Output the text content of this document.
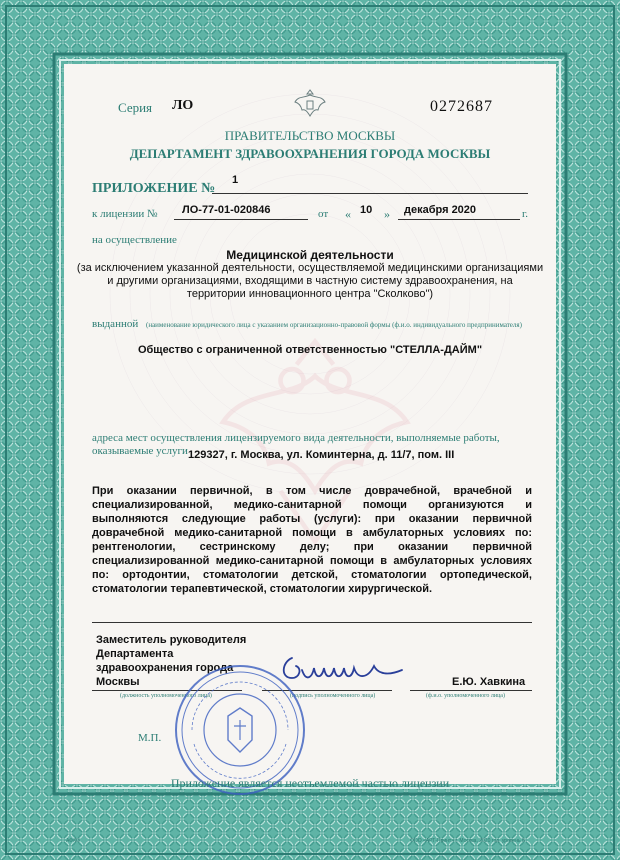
Серия ЛО	0272687
ПРАВИТЕЛЬСТВО МОСКВЫ
ДЕПАРТАМЕНТ ЗДРАВООХРАНЕНИЯ ГОРОДА МОСКВЫ
ПРИЛОЖЕНИЕ №
1
к лицензии № ЛО-77-01-020846	от « 10 » декабря 2020	г.
на осуществление
Медицинской деятельности
(за исключением указанной деятельности, осуществляемой медицинскими организациями
и другими организациями, входящими в частную систему здравоохранения, на
территории инновационного центра "Сколково")
выданной (наименование юридического лица с указанием организационно-правовой формы (ф.и.о. индивидуального предпринимателя)
Общество с ограниченной ответственностью "СТЕЛЛА-ДАЙМ"
адреса мест осуществления лицензируемого вида деятельности, выполняемые работы,
оказываемые услуги 129327, г. Москва, ул. Коминтерна, д. 11/7, пом. III
При оказании первичной, в том числе доврачебной, врачебной и специализированной, медико-санитарной помощи организуются и выполняются следующие работы (услуги): при оказании первичной доврачебной медико-санитарной помощи в амбулаторных условиях по: рентгенологии, сестринскому делу; при оказании первичной специализированной медико-санитарной помощи в амбулаторных условиях по: ортодонтии, стоматологии детской, стоматологии ортопедической, стоматологии терапевтической, стоматологии хирургической.
Заместитель руководителя
Департамента
здравоохранения города
Москвы	Е.Ю. Хавкина
(должность уполномоченного лица)	(подпись уполномоченного лица)	(ф.и.о. уполномоченного лица)
М.П.
Приложение является неотъемлемой частью лицензии
АФ/03	ООО «АРТ-Принт» г. Москва, 2020 год, уровень Б
